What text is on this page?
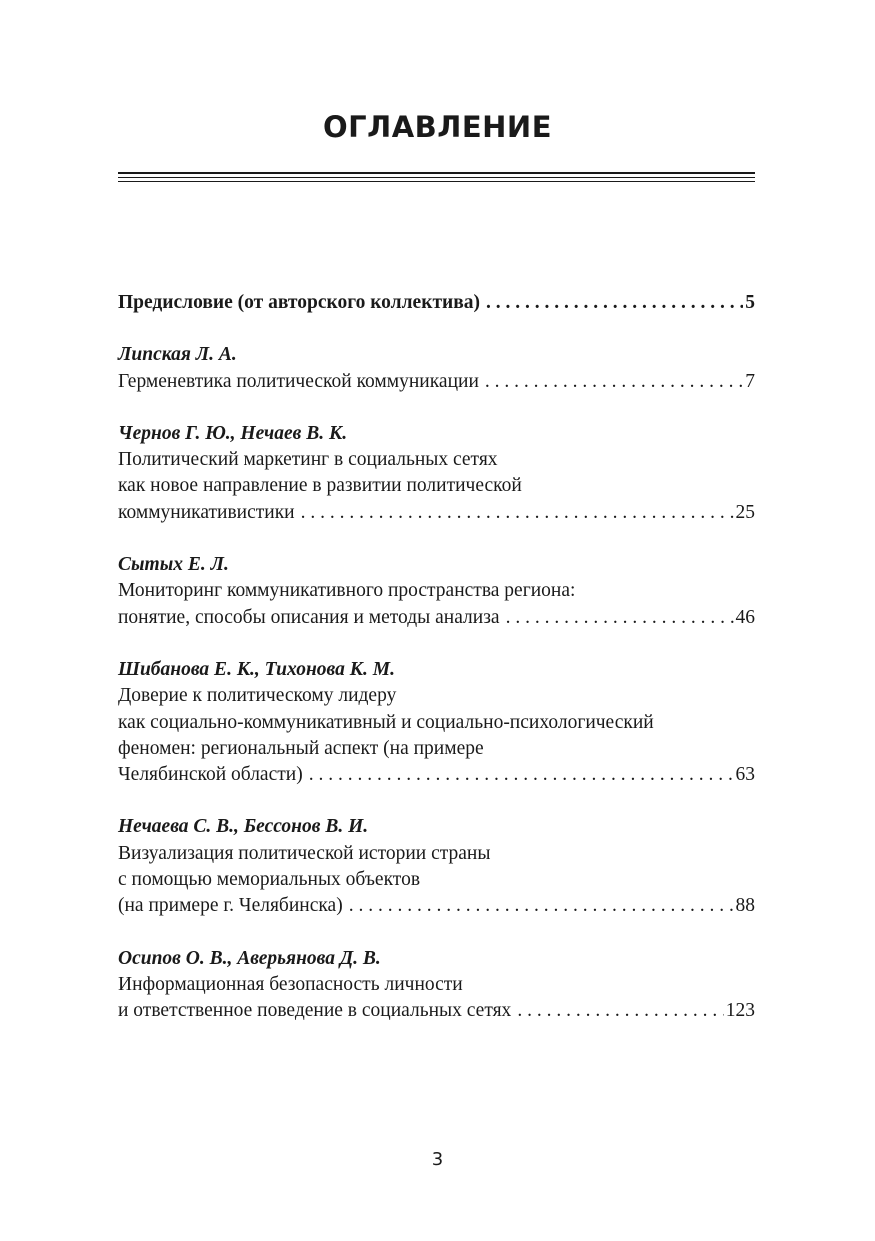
ОГЛАВЛЕНИЕ
Предисловие (от авторского коллектива) . . .	5
Липская Л. А.
Герменевтика политической коммуникации . . .	7
Чернов Г. Ю., Нечаев В. К.
Политический маркетинг в социальных сетях
как новое направление в развитии политической
коммуникативистики . . .	25
Сытых Е. Л.
Мониторинг коммуникативного пространства региона:
понятие, способы описания и методы анализа . . .	46
Шибанова Е. К., Тихонова К. М.
Доверие к политическому лидеру
как социально-коммуникативный и социально-психологический
феномен: региональный аспект (на примере
Челябинской области) . . .	63
Нечаева С. В., Бессонов В. И.
Визуализация политической истории страны
с помощью мемориальных объектов
(на примере г. Челябинска) . . .	88
Осипов О. В., Аверьянова Д. В.
Информационная безопасность личности
и ответственное поведение в социальных сетях . . .	123
3
